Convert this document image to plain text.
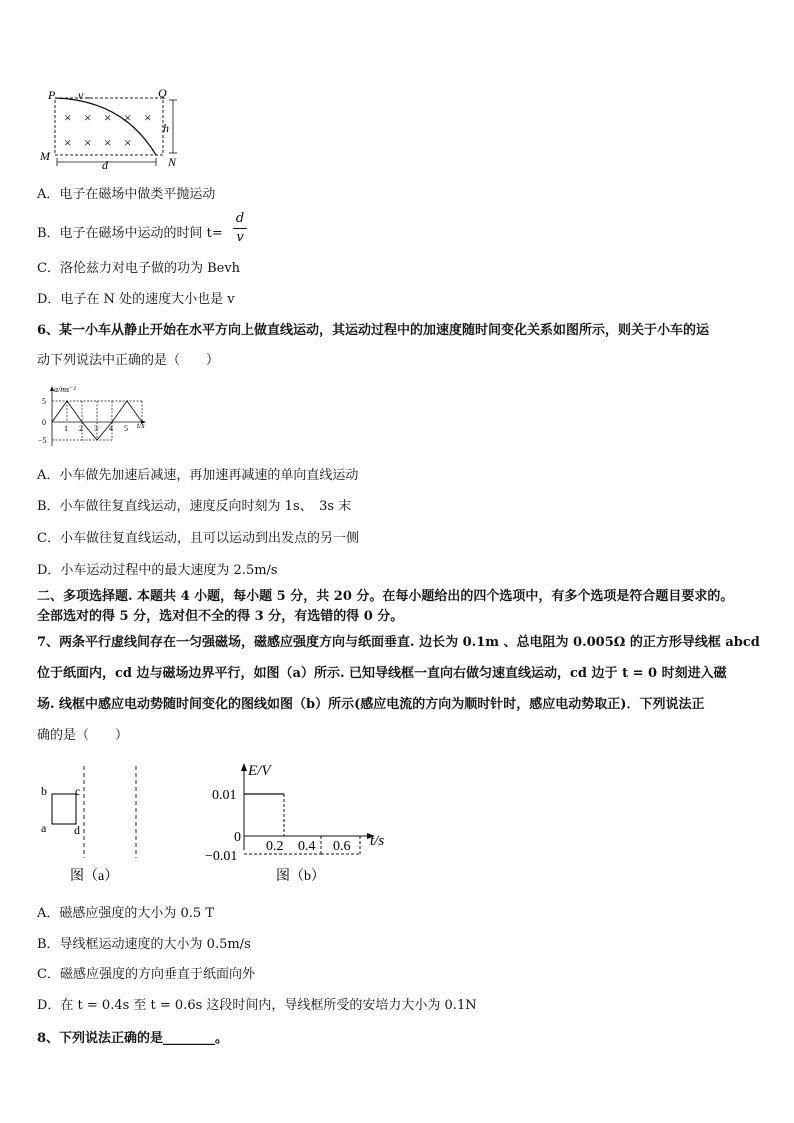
P v	Q
h
M
d	N
× × × × ×
× × × ×
A．电子在磁场中做类平抛运动
B．电子在磁场中运动的时间 t=
d
v
C．洛伦兹力对电子做的功为 Bevh
D．电子在 N 处的速度大小也是 v
6、某一小车从静止开始在水平方向上做直线运动，其运动过程中的加速度随时间变化关系如图所示，则关于小车的运
动下列说法中正确的是（　　）
a/ms⁻²
5
0
−5
1 2 3 4 5 t/s
A．小车做先加速后减速，再加速再减速的单向直线运动
B．小车做往复直线运动，速度反向时刻为 1s、　3s 末
C．小车做往复直线运动，且可以运动到出发点的另一侧
D．小车运动过程中的最大速度为 2.5m/s
二、多项选择题. 本题共 4 小题，每小题 5 分，共 20 分。在每小题给出的四个选项中，有多个选项是符合题目要求的。
全部选对的得 5 分，选对但不全的得 3 分，有选错的得 0 分。
7、两条平行虚线间存在一匀强磁场，磁感应强度方向与纸面垂直. 边长为 0.1m 、总电阻为 0.005Ω 的正方形导线框 abcd
位于纸面内，cd 边与磁场边界平行，如图（a）所示. 已知导线框一直向右做匀速直线运动，cd 边于 t = 0 时刻进入磁
场. 线框中感应电动势随时间变化的图线如图（b）所示(感应电流的方向为顺时针时，感应电动势取正)．下列说法正
确的是（　　）
b c
a d
图（a）
E/V
0.01
0
−0.01
0.2 0.4 0.6 t/s
图（b）
A．磁感应强度的大小为 0.5 T
B．导线框运动速度的大小为 0.5m/s
C．磁感应强度的方向垂直于纸面向外
D．在 t = 0.4s 至 t = 0.6s 这段时间内，导线框所受的安培力大小为 0.1N
8、下列说法正确的是________。
